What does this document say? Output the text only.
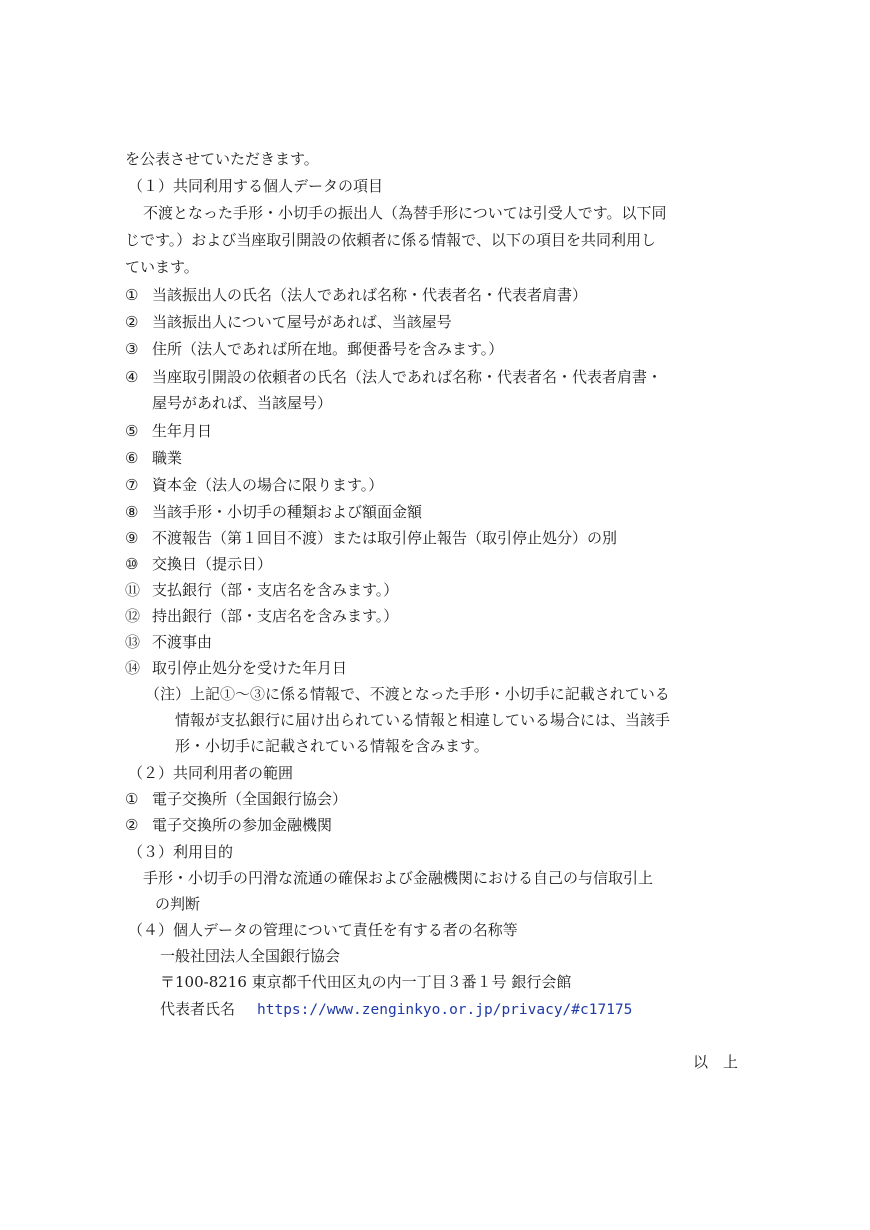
を公表させていただきます。
（１）共同利用する個人データの項目
不渡となった手形・小切手の振出人（為替手形については引受人です。以下同
じです。）および当座取引開設の依頼者に係る情報で、以下の項目を共同利用し
ています。
① 当該振出人の氏名（法人であれば名称・代表者名・代表者肩書）
② 当該振出人について屋号があれば、当該屋号
③ 住所（法人であれば所在地。郵便番号を含みます。）
④ 当座取引開設の依頼者の氏名（法人であれば名称・代表者名・代表者肩書・
屋号があれば、当該屋号）
⑤ 生年月日
⑥ 職業
⑦ 資本金（法人の場合に限ります。）
⑧ 当該手形・小切手の種類および額面金額
⑨ 不渡報告（第１回目不渡）または取引停止報告（取引停止処分）の別
⑩ 交換日（提示日）
⑪ 支払銀行（部・支店名を含みます。）
⑫ 持出銀行（部・支店名を含みます。）
⑬ 不渡事由
⑭ 取引停止処分を受けた年月日
（注）上記①～③に係る情報で、不渡となった手形・小切手に記載されている
情報が支払銀行に届け出られている情報と相違している場合には、当該手
形・小切手に記載されている情報を含みます。
（２）共同利用者の範囲
① 電子交換所（全国銀行協会）
② 電子交換所の参加金融機関
（３）利用目的
手形・小切手の円滑な流通の確保および金融機関における自己の与信取引上
の判断
（４）個人データの管理について責任を有する者の名称等
一般社団法人全国銀行協会
〒100-8216 東京都千代田区丸の内一丁目３番１号 銀行会館
代表者氏名 https://www.zenginkyo.or.jp/privacy/#c17175
以　上
